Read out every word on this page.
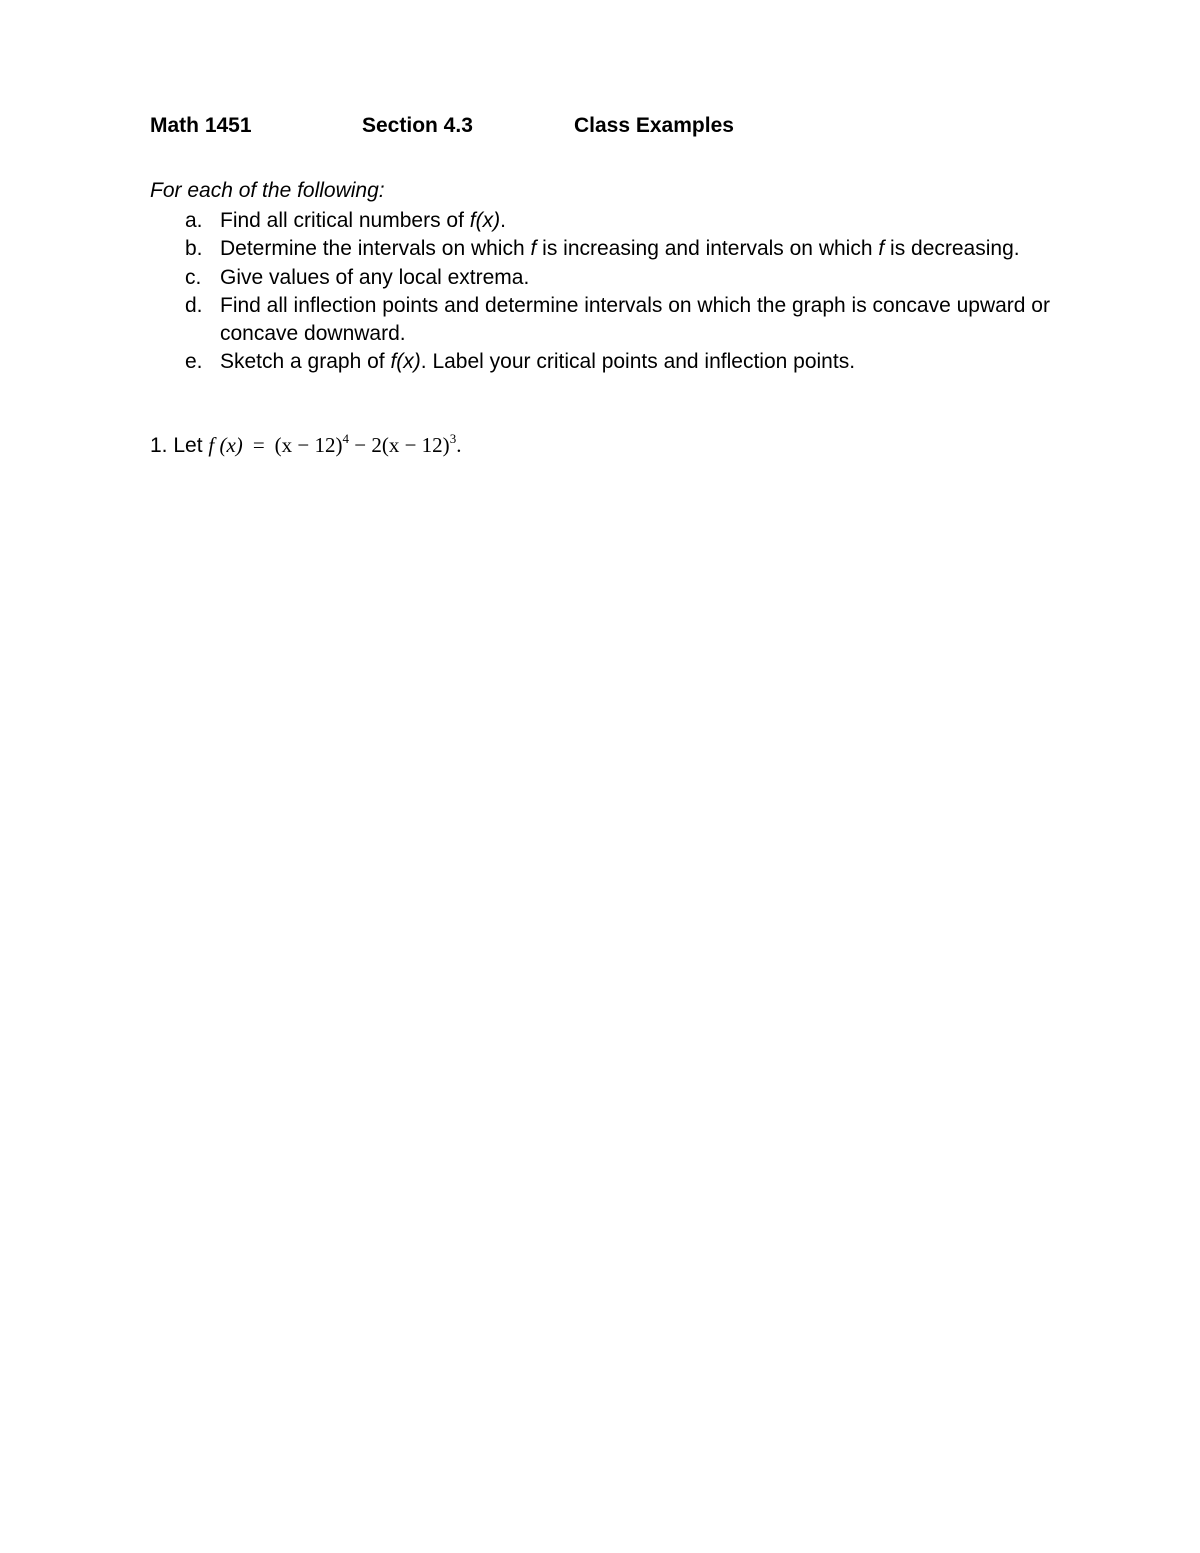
Math 1451	Section 4.3	Class Examples
For each of the following:
a. Find all critical numbers of f(x).
b. Determine the intervals on which f is increasing and intervals on which f is decreasing.
c. Give values of any local extrema.
d. Find all inflection points and determine intervals on which the graph is concave upward or concave downward.
e. Sketch a graph of f(x). Label your critical points and inflection points.
1. Let f $(x) = (x - 12)^4 - 2(x - 12)^3$.
